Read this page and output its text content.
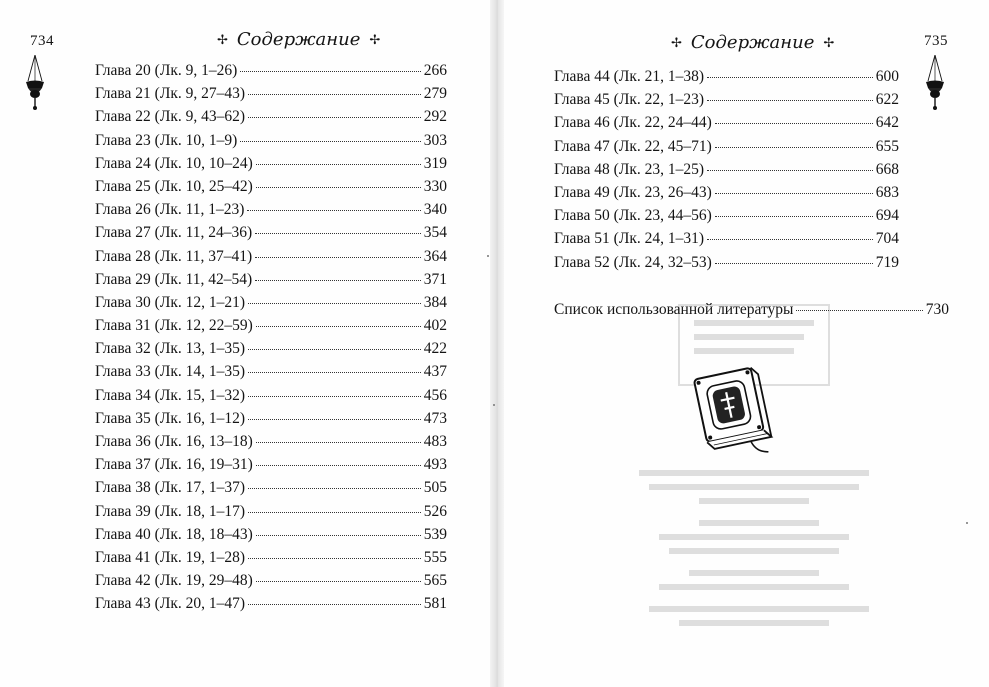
734	✢ Содержание ✢
Глава 20 (Лк. 9, 1–26)	266
Глава 21 (Лк. 9, 27–43)	279
Глава 22 (Лк. 9, 43–62)	292
Глава 23 (Лк. 10, 1–9)	303
Глава 24 (Лк. 10, 10–24)	319
Глава 25 (Лк. 10, 25–42)	330
Глава 26 (Лк. 11, 1–23)	340
Глава 27 (Лк. 11, 24–36)	354
Глава 28 (Лк. 11, 37–41)	364
Глава 29 (Лк. 11, 42–54)	371
Глава 30 (Лк. 12, 1–21)	384
Глава 31 (Лк. 12, 22–59)	402
Глава 32 (Лк. 13, 1–35)	422
Глава 33 (Лк. 14, 1–35)	437
Глава 34 (Лк. 15, 1–32)	456
Глава 35 (Лк. 16, 1–12)	473
Глава 36 (Лк. 16, 13–18)	483
Глава 37 (Лк. 16, 19–31)	493
Глава 38 (Лк. 17, 1–37)	505
Глава 39 (Лк. 18, 1–17)	526
Глава 40 (Лк. 18, 18–43)	539
Глава 41 (Лк. 19, 1–28)	555
Глава 42 (Лк. 19, 29–48)	565
Глава 43 (Лк. 20, 1–47)	581
735
✢ Содержание ✢
Глава 44 (Лк. 21, 1–38)	600
Глава 45 (Лк. 22, 1–23)	622
Глава 46 (Лк. 22, 24–44)	642
Глава 47 (Лк. 22, 45–71)	655
Глава 48 (Лк. 23, 1–25)	668
Глава 49 (Лк. 23, 26–43)	683
Глава 50 (Лк. 23, 44–56)	694
Глава 51 (Лк. 24, 1–31)	704
Глава 52 (Лк. 24, 32–53)	719
Список использованной литературы	730
